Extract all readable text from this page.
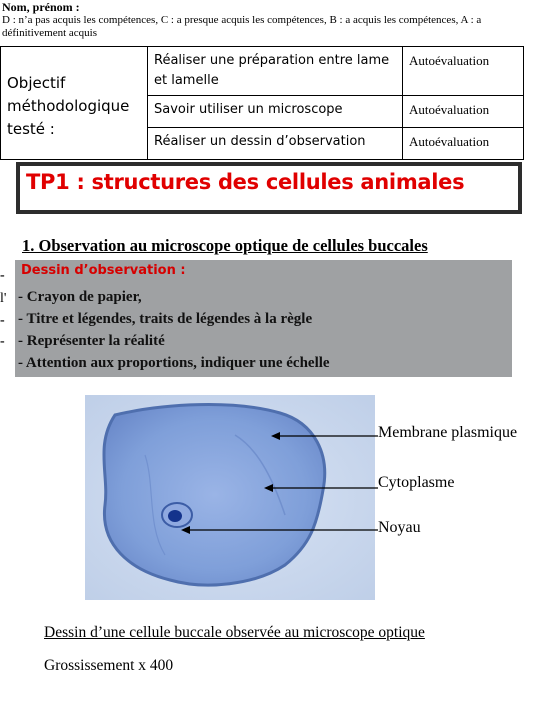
Nom, prénom :
D : n’a pas acquis les compétences, C : a presque acquis les compétences, B : a acquis les compétences, A : a définitivement acquis
Objectif méthodologique testé :	Réaliser une préparation entre lame et lamelle	Autoévaluation
	Savoir utiliser un microscope	Autoévaluation
	Réaliser un dessin d’observation	Autoévaluation
TP1 : structures des cellules animales
1. Observation au microscope optique de cellules buccales
-
l'
-
-
Dessin d’observation :
- Crayon de papier,
- Titre et légendes, traits de légendes à la règle
- Représenter la réalité
- Attention aux proportions, indiquer une échelle
Membrane plasmique
Cytoplasme
Noyau
Dessin d’une cellule buccale observée au microscope optique
Grossissement x 400
